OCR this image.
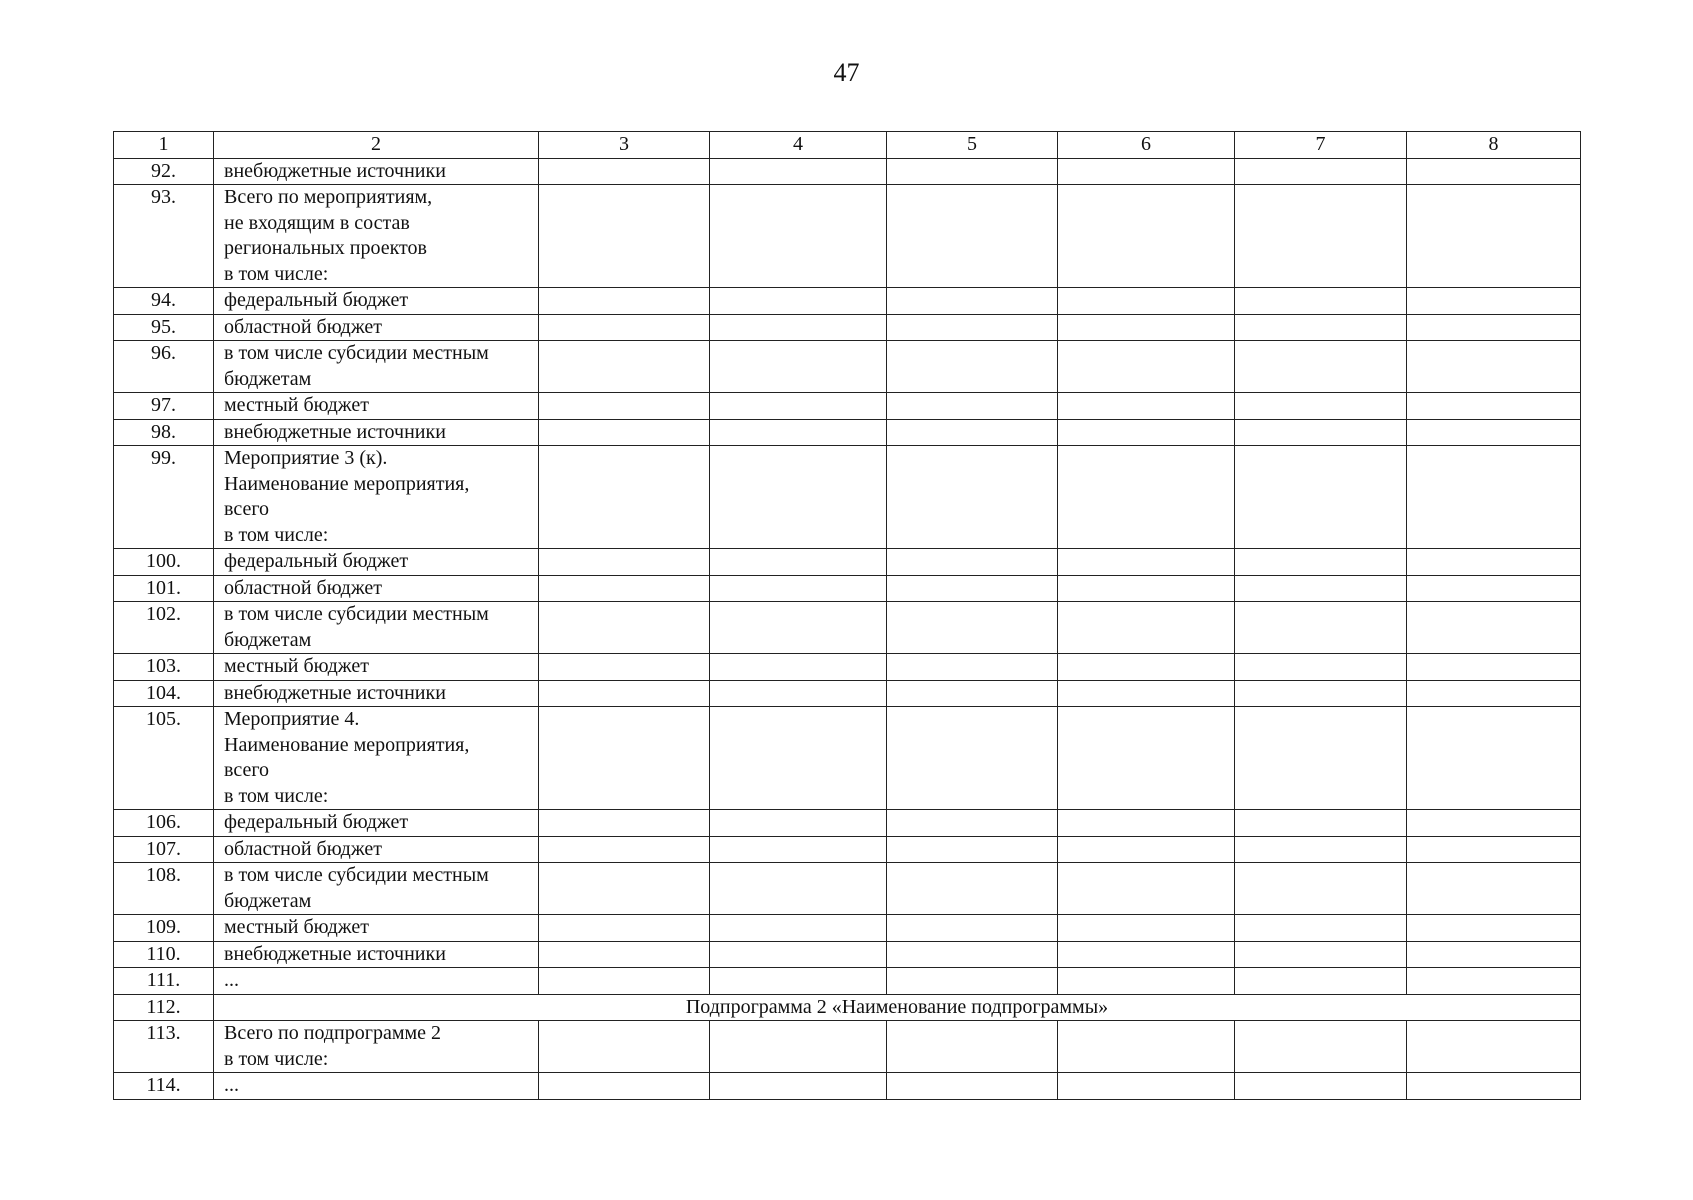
47
1	2	3	4	5	6	7	8
92.	внебюджетные источники						

93.	Всего по мероприятиям,
не входящим в состав
региональных проектов
в том числе:						

94.	федеральный бюджет						

95.	областной бюджет						

96.	в том числе субсидии местным
бюджетам						

97.	местный бюджет						

98.	внебюджетные источники						

99.	Мероприятие 3 (к).
Наименование мероприятия,
всего
в том числе:						

100.	федеральный бюджет						

101.	областной бюджет						

102.	в том числе субсидии местным
бюджетам						

103.	местный бюджет						

104.	внебюджетные источники						

105.	Мероприятие 4.
Наименование мероприятия,
всего
в том числе:						

106.	федеральный бюджет						

107.	областной бюджет						

108.	в том числе субсидии местным
бюджетам						

109.	местный бюджет						

110.	внебюджетные источники						

111.	...						

112.	Подпрограмма 2 «Наименование подпрограммы»						
113.	Всего по подпрограмме 2
в том числе:						

114.	...						
